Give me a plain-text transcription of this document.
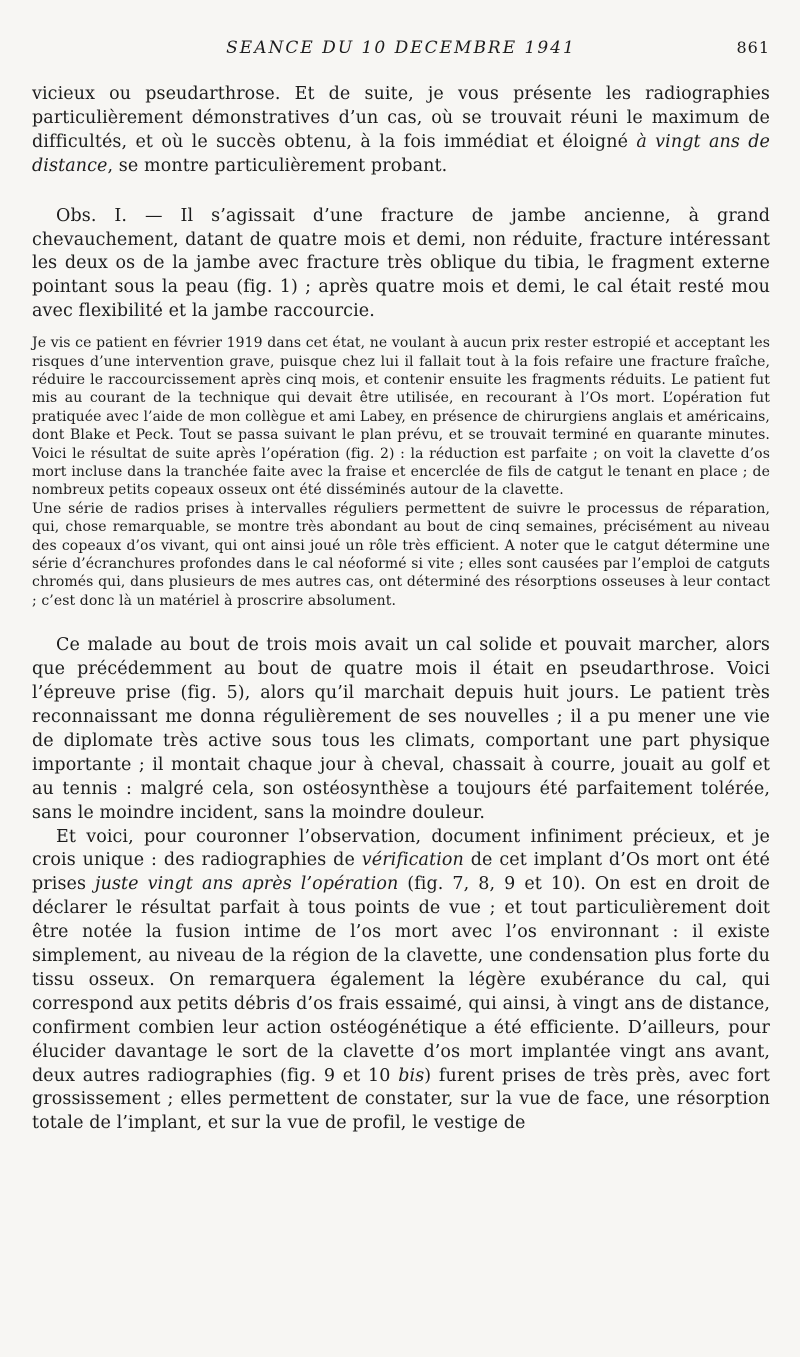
SEANCE DU 10 DECEMBRE 1941	861

vicieux ou pseudarthrose. Et de suite, je vous présente les radiographies particulièrement démonstratives d’un cas, où se trouvait réuni le maximum de difficultés, et où le succès obtenu, à la fois immédiat et éloigné à vingt ans de distance, se montre particulièrement probant.

Obs. I. — Il s’agissait d’une fracture de jambe ancienne, à grand chevauchement, datant de quatre mois et demi, non réduite, fracture intéressant les deux os de la jambe avec fracture très oblique du tibia, le fragment externe pointant sous la peau (fig. 1) ; après quatre mois et demi, le cal était resté mou avec flexibilité et la jambe raccourcie.

Je vis ce patient en février 1919 dans cet état, ne voulant à aucun prix rester estropié et acceptant les risques d’une intervention grave, puisque chez lui il fallait tout à la fois refaire une fracture fraîche, réduire le raccourcissement après cinq mois, et contenir ensuite les fragments réduits. Le patient fut mis au courant de la technique qui devait être utilisée, en recourant à l’Os mort. L’opération fut pratiquée avec l’aide de mon collègue et ami Labey, en présence de chirurgiens anglais et américains, dont Blake et Peck. Tout se passa suivant le plan prévu, et se trouvait terminé en quarante minutes. Voici le résultat de suite après l’opération (fig. 2) : la réduction est parfaite ; on voit la clavette d’os mort incluse dans la tranchée faite avec la fraise et encerclée de fils de catgut le tenant en place ; de nombreux petits copeaux osseux ont été disséminés autour de la clavette.

Une série de radios prises à intervalles réguliers permettent de suivre le processus de réparation, qui, chose remarquable, se montre très abondant au bout de cinq semaines, précisément au niveau des copeaux d’os vivant, qui ont ainsi joué un rôle très efficient. A noter que le catgut détermine une série d’écranchures profondes dans le cal néoformé si vite ; elles sont causées par l’emploi de catguts chromés qui, dans plusieurs de mes autres cas, ont déterminé des résorptions osseuses à leur contact ; c’est donc là un matériel à proscrire absolument.

Ce malade au bout de trois mois avait un cal solide et pouvait marcher, alors que précédemment au bout de quatre mois il était en pseudarthrose. Voici l’épreuve prise (fig. 5), alors qu’il marchait depuis huit jours. Le patient très reconnaissant me donna régulièrement de ses nouvelles ; il a pu mener une vie de diplomate très active sous tous les climats, comportant une part physique importante ; il montait chaque jour à cheval, chassait à courre, jouait au golf et au tennis : malgré cela, son ostéosynthèse a toujours été parfaitement tolérée, sans le moindre incident, sans la moindre douleur.

Et voici, pour couronner l’observation, document infiniment précieux, et je crois unique : des radiographies de vérification de cet implant d’Os mort ont été prises juste vingt ans après l’opération (fig. 7, 8, 9 et 10). On est en droit de déclarer le résultat parfait à tous points de vue ; et tout particulièrement doit être notée la fusion intime de l’os mort avec l’os environnant : il existe simplement, au niveau de la région de la clavette, une condensation plus forte du tissu osseux. On remarquera également la légère exubérance du cal, qui correspond aux petits débris d’os frais essaimé, qui ainsi, à vingt ans de distance, confirment combien leur action ostéogénétique a été efficiente. D’ailleurs, pour élucider davantage le sort de la clavette d’os mort implantée vingt ans avant, deux autres radiographies (fig. 9 et 10 bis) furent prises de très près, avec fort grossissement ; elles permettent de constater, sur la vue de face, une résorption totale de l’implant, et sur la vue de profil, le vestige de
